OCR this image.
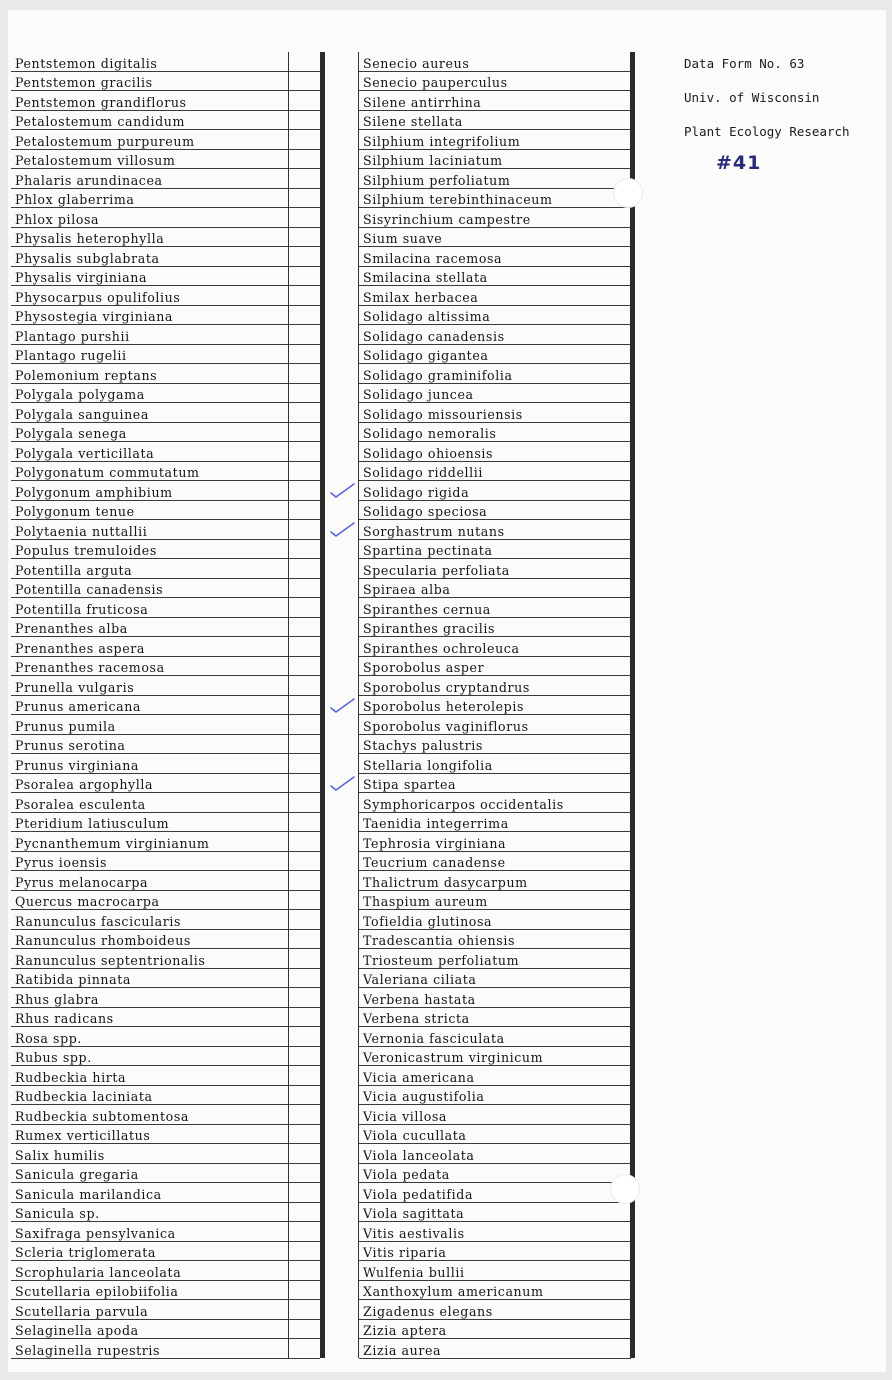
Data Form No. 63
Univ. of Wisconsin
Plant Ecology Research
#41
Pentstemon digitalis
Pentstemon gracilis
Pentstemon grandiflorus
Petalostemum candidum
Petalostemum purpureum
Petalostemum villosum
Phalaris arundinacea
Phlox glaberrima
Phlox pilosa
Physalis heterophylla
Physalis subglabrata
Physalis virginiana
Physocarpus opulifolius
Physostegia virginiana
Plantago purshii
Plantago rugelii
Polemonium reptans
Polygala polygama
Polygala sanguinea
Polygala senega
Polygala verticillata
Polygonatum commutatum
Polygonum amphibium
Polygonum tenue
Polytaenia nuttallii
Populus tremuloides
Potentilla arguta
Potentilla canadensis
Potentilla fruticosa
Prenanthes alba
Prenanthes aspera
Prenanthes racemosa
Prunella vulgaris
Prunus americana
Prunus pumila
Prunus serotina
Prunus virginiana
Psoralea argophylla
Psoralea esculenta
Pteridium latiusculum
Pycnanthemum virginianum
Pyrus ioensis
Pyrus melanocarpa
Quercus macrocarpa
Ranunculus fascicularis
Ranunculus rhomboideus
Ranunculus septentrionalis
Ratibida pinnata
Rhus glabra
Rhus radicans
Rosa spp.
Rubus spp.
Rudbeckia hirta
Rudbeckia laciniata
Rudbeckia subtomentosa
Rumex verticillatus
Salix humilis
Sanicula gregaria
Sanicula marilandica
Sanicula sp.
Saxifraga pensylvanica
Scleria triglomerata
Scrophularia lanceolata
Scutellaria epilobiifolia
Scutellaria parvula
Selaginella apoda
Selaginella rupestris
Senecio aureus
Senecio pauperculus
Silene antirrhina
Silene stellata
Silphium integrifolium
Silphium laciniatum
Silphium perfoliatum
Silphium terebinthinaceum
Sisyrinchium campestre
Sium suave
Smilacina racemosa
Smilacina stellata
Smilax herbacea
Solidago altissima
Solidago canadensis
Solidago gigantea
Solidago graminifolia
Solidago juncea
Solidago missouriensis
Solidago nemoralis
Solidago ohioensis
Solidago riddellii
Solidago rigida
Solidago speciosa
Sorghastrum nutans
Spartina pectinata
Specularia perfoliata
Spiraea alba
Spiranthes cernua
Spiranthes gracilis
Spiranthes ochroleuca
Sporobolus asper
Sporobolus cryptandrus
Sporobolus heterolepis
Sporobolus vaginiflorus
Stachys palustris
Stellaria longifolia
Stipa spartea
Symphoricarpos occidentalis
Taenidia integerrima
Tephrosia virginiana
Teucrium canadense
Thalictrum dasycarpum
Thaspium aureum
Tofieldia glutinosa
Tradescantia ohiensis
Triosteum perfoliatum
Valeriana ciliata
Verbena hastata
Verbena stricta
Vernonia fasciculata
Veronicastrum virginicum
Vicia americana
Vicia augustifolia
Vicia villosa
Viola cucullata
Viola lanceolata
Viola pedata
Viola pedatifida
Viola sagittata
Vitis aestivalis
Vitis riparia
Wulfenia bullii
Xanthoxylum americanum
Zigadenus elegans
Zizia aptera
Zizia aurea
